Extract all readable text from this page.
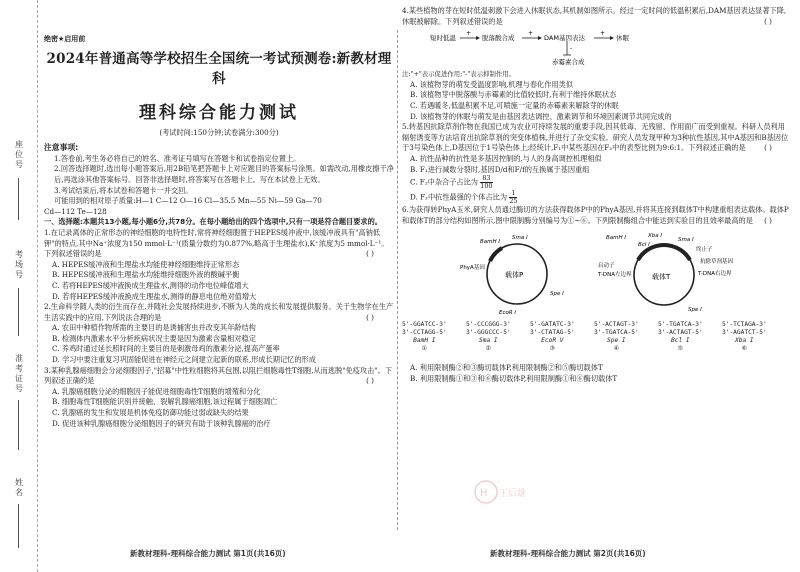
座位号
考场号
准考证号
姓名
绝密★启用前
2024年普通高等学校招生全国统一考试预测卷:新教材理科
理科综合能力测试
(考试时间:150分钟;试卷满分:300分)
注意事项:
1.答卷前,考生务必将自己的姓名、准考证号填写在答题卡和试卷指定位置上。
2.回答选择题时,选出每小题答案后,用2B铅笔把答题卡上对应题目的答案标号涂黑。如需改动,用橡皮擦干净后,再选涂其他答案标号。回答非选择题时,将答案写在答题卡上。写在本试卷上无效。
3.考试结束后,将本试卷和答题卡一并交回。
可能用到的相对原子质量:H—1 C—12 O—16 Cl—35.5 Mn—55 Ni—59 Ga—70
Cd—112 Te—128
一、选择题:本题共13小题,每小题6分,共78分。在每小题给出的四个选项中,只有一项是符合题目要求的。
1.在记录离体的正常形态的神经细胞的电特性时,常将神经细胞置于HEPES缓冲液中,该缓冲液具有"高钠低钾"的特点,其中Na⁺浓度为150 mmol·L⁻¹(质量分数约为0.877%,略高于生理盐水),K⁺浓度为5 mmol·L⁻¹。下列叙述错误的是	( )
A. HEPES缓冲液和生理盐水均能使神经细胞维持正常形态
B. HEPES缓冲液和生理盐水均能维持细胞外液的酸碱平衡
C. 若将HEPES缓冲液换成生理盐水,测得的动作电位峰值增大
D. 若将HEPES缓冲液换成生理盐水,测得的静息电位绝对值增大
2.生命科学随人类的衍生而存在,并随社会发展持续进步,不断为人类的成长和发展提供服务。关于生物学在生产生活实践中的应用,下列说法合理的是	( )
A. 农田中种植作物所需的主要目的是诱捕害虫并改变其年龄结构
B. 检测体内激素水平分析疾病状况主要是因为激素含量相对稳定
C. 养鸡时通过延长照时间的主要目的是刺激母鸡的激素分泌,提高产蛋率
D. 学习中要注重复习巩固能促进在神经元之间建立起新的联系,形成长期记忆的形成
3.某种乳腺癌细胞会分泌细胞因子,"招募"中性粒细胞将其包围,以阻拦细胞毒性T细胞,从而逃脱"免疫攻击"。下列叙述正确的是	( )
A. 乳腺癌细胞分泌的细胞因子能促进细胞毒性T细胞的增殖和分化
B. 细胞毒性T细胞能识别并接触、裂解乳腺癌细胞,该过程属于细胞凋亡
C. 乳腺癌的发生和发展是机体免疫防御功能过弱或缺失的结果
D. 促进该种乳腺癌细胞分泌细胞因子的研究有助于该种乳腺癌的治疗
4.某些植物的芽在短时低温刺激下会进入休眠状态,其机制如图所示。经过一定时间的低温积累后,DAM基因表达显著下降,休眠被解除。下列叙述错误的是	( )
短时低温
+
脱落酸合成
+
DAM基因表达
+
休眠
-
赤霉素合成
注:"+"表示促进作用;"-"表示抑制作用。
A. 该植物芽的萌发受温度影响,机理与春化作用类似
B. 该植物芽中脱落酸与赤霉素的比值较低时,有利于维持休眠状态
C. 若遇暖冬,低温积累不足,可喷施一定量的赤霉素来解除芽的休眠
D. 该植物芽的休眠与萌发是由基因表达调控、激素调节和环境因素调节共同完成的
5.转基因抗除草剂作物在我国已成为农业可持续发展的重要手段,因其低毒、无残留、作用面广而受到重视。科研人员利用辐射诱变等方法培育出抗除草剂的突变体植株,并进行了杂交实验。研究人员发现甲种为3种抗性基因,其中A基因和B基因位于3号染色体上,D基因位于1号染色体上;经统计,F₁中某些基因在F₂中的表型比例为9:6:1。下列叙述正确的是	( )
A. 抗性品种的抗性是多基因控制的,与人的身高调控机理相似
B. F₁进行减数分裂时,基因D/d和F/f的互换属于基因重组
C. F₂中杂合子占比为 $\frac{83}{100}$
D. F₂中抗性最强的个体占比为 $\frac{1}{25}$
6.为获得转PhyA玉米,研究人员通过酶切的方法获得载体P中的PhyA基因,并将其连接到载体T中构建重组表达载体。载体P和载体T的部分结构如图所示,图中限制酶分别编号为①~⑥。下列限制酶组合中能达到实验目的且效率最高的是 ( )
载体P
PhyA基因
BamH I
Sma I
EcoR I
Spe I
载体T
BamH I	Xba I
Bcl I
Sma I
Spe I
启动子
T-DNA左边界
终止子
抗除草剂基因
T-DNA右边界
5'-GGATCC-3'
3'-CCTAGG-5'
BamH I
①
5'-CCCGGG-3'
3'-GGGCCC-5'
Sma I
②
5'-GATATC-3'
3'-CTATAG-5'
EcoR V
③
5'-ACTAGT-3'
3'-TGATCA-5'
Spe I
④
5'-TGATCA-3'
3'-ACTAGT-5'
Bcl I
⑤
5'-TCTAGA-3'
3'-AGATCT-5'
Xba I
⑥
A. 利用限制酶②和③酶切载体P,利用限制酶②和⑤酶切载体T
B. 利用限制酶①和③和⑥酶切载体P,利用限制酶①和⑥酶切载体T
H 王后雄
新教材理科-理科综合能力测试 第1页(共16页)	新教材理科-理科综合能力测试 第2页(共16页)
